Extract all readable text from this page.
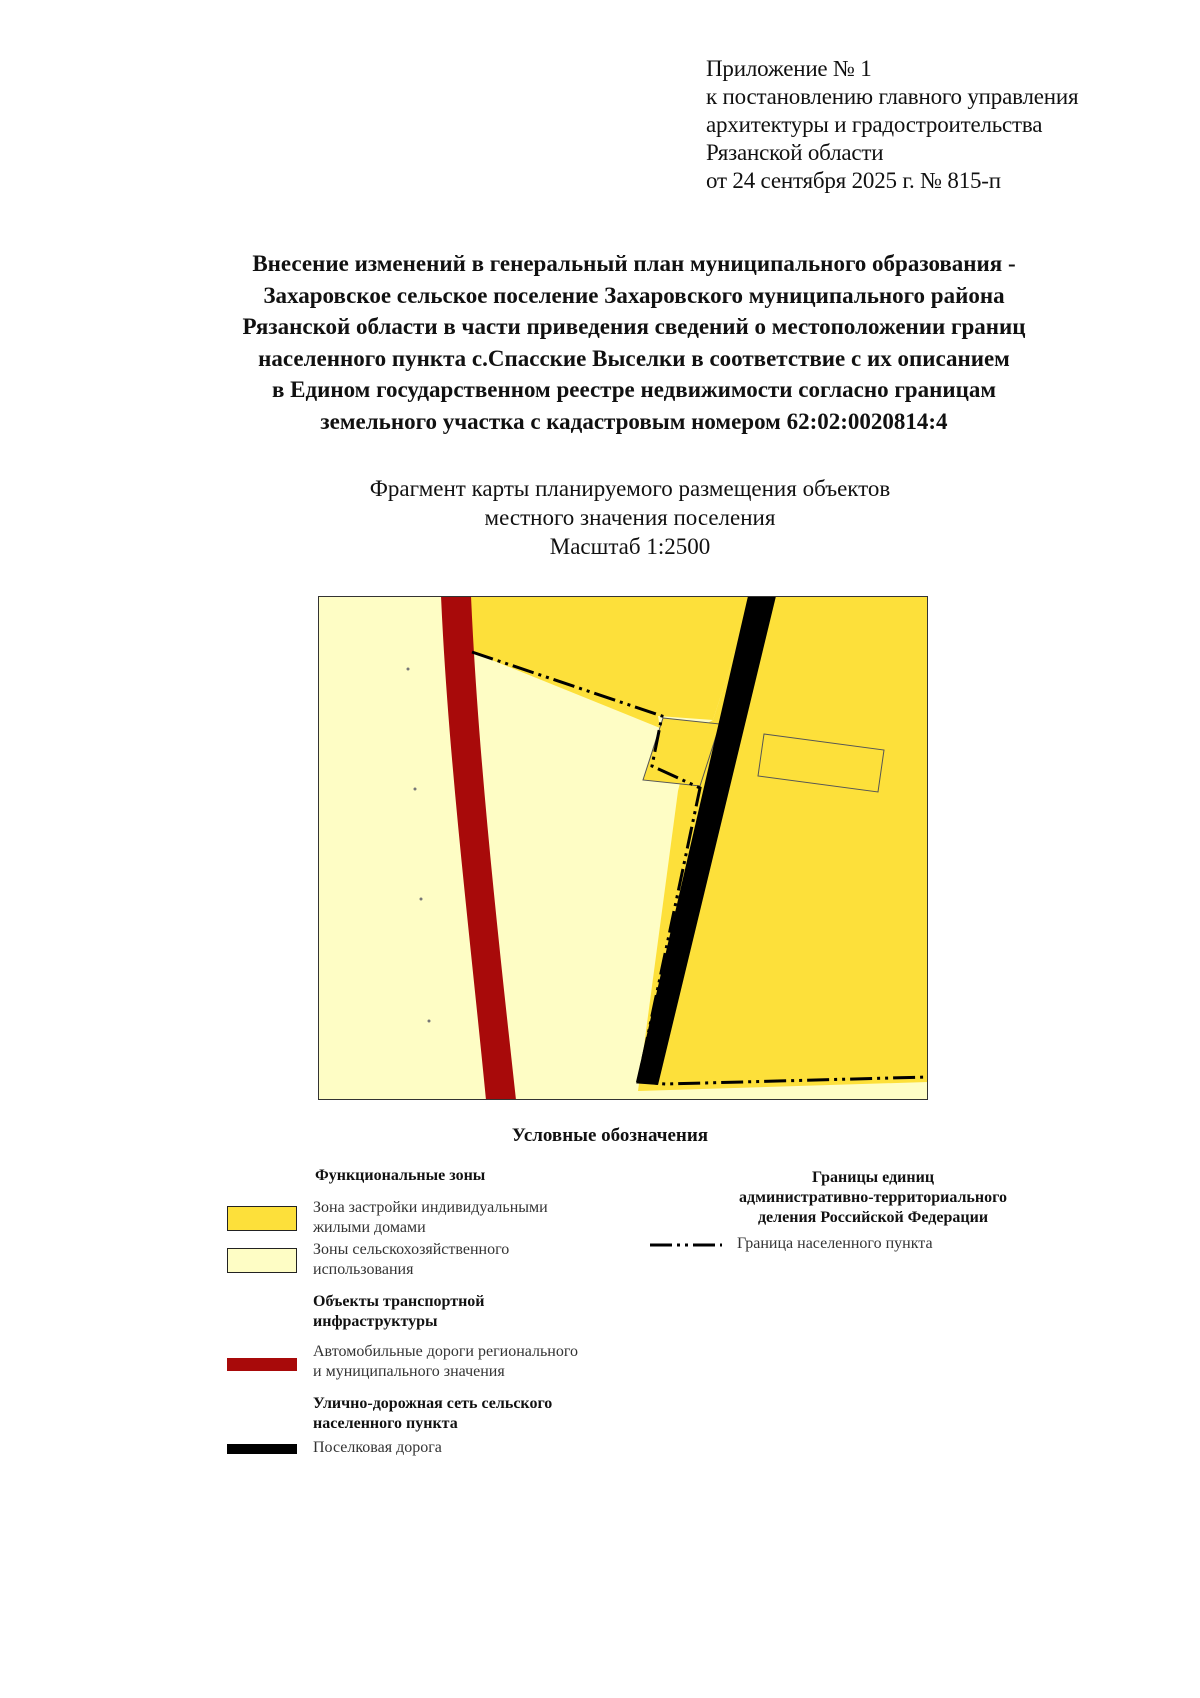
Приложение № 1
к постановлению главного управления
архитектуры и градостроительства
Рязанской области
от 24 сентября 2025 г. № 815-п
Внесение изменений в генеральный план муниципального образования -
Захаровское сельское поселение Захаровского муниципального района
Рязанской области в части приведения сведений о местоположении границ
населенного пункта с.Спасские Выселки в соответствие с их описанием
в Едином государственном реестре недвижимости согласно границам
земельного участка с кадастровым номером 62:02:0020814:4
Фрагмент карты планируемого размещения объектов
местного значения поселения
Масштаб 1:2500
Условные обозначения
Функциональные зоны
Зона застройки индивидуальными
жилыми домами
Зоны сельскохозяйственного
использования
Объекты транспортной
инфраструктуры
Автомобильные дороги регионального
и муниципального значения
Улично-дорожная сеть сельского
населенного пункта
Поселковая дорога
Границы единиц
административно-территориального
деления Российской Федерации
Граница населенного пункта
